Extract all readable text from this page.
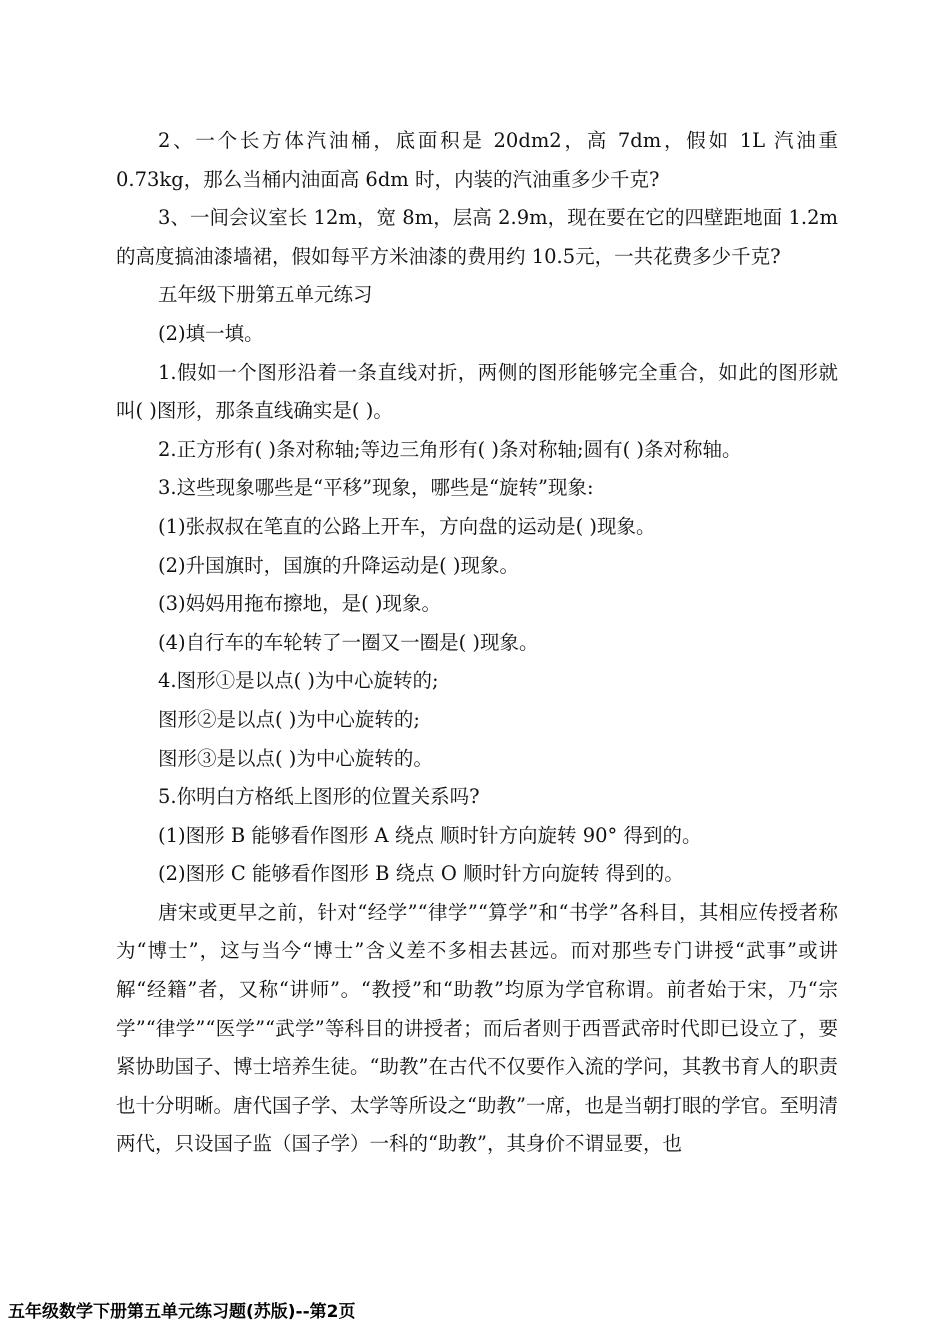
2、一个长方体汽油桶，底面积是 20dm2，高 7dm，假如 1L 汽油重 0.73kg，那么当桶内油面高 6dm 时，内装的汽油重多少千克?

3、一间会议室长 12m，宽 8m，层高 2.9m，现在要在它的四壁距地面 1.2m 的高度搞油漆墙裙，假如每平方米油漆的费用约 10.5元，一共花费多少千克?

五年级下册第五单元练习

(2)填一填。

1.假如一个图形沿着一条直线对折，两侧的图形能够完全重合，如此的图形就叫( )图形，那条直线确实是( )。

2.正方形有( )条对称轴;等边三角形有( )条对称轴;圆有( )条对称轴。

3.这些现象哪些是“平移”现象，哪些是“旋转”现象:

(1)张叔叔在笔直的公路上开车，方向盘的运动是( )现象。

(2)升国旗时，国旗的升降运动是( )现象。

(3)妈妈用拖布擦地，是( )现象。

(4)自行车的车轮转了一圈又一圈是( )现象。

4.图形①是以点( )为中心旋转的;

图形②是以点( )为中心旋转的;

图形③是以点( )为中心旋转的。

5.你明白方格纸上图形的位置关系吗?

(1)图形 B 能够看作图形 A 绕点 顺时针方向旋转 90° 得到的。

(2)图形 C 能够看作图形 B 绕点 O 顺时针方向旋转 得到的。

唐宋或更早之前，针对“经学”“律学”“算学”和“书学”各科目，其相应传授者称为“博士”，这与当今“博士”含义差不多相去甚远。而对那些专门讲授“武事”或讲解“经籍”者，又称“讲师”。“教授”和“助教”均原为学官称谓。前者始于宋，乃“宗学”“律学”“医学”“武学”等科目的讲授者；而后者则于西晋武帝时代即已设立了，要紧协助国子、博士培养生徒。“助教”在古代不仅要作入流的学问，其教书育人的职责也十分明晰。唐代国子学、太学等所设之“助教”一席，也是当朝打眼的学官。至明清两代，只设国子监（国子学）一科的“助教”，其身价不谓显要，也

五年级数学下册第五单元练习题(苏版)--第2页
